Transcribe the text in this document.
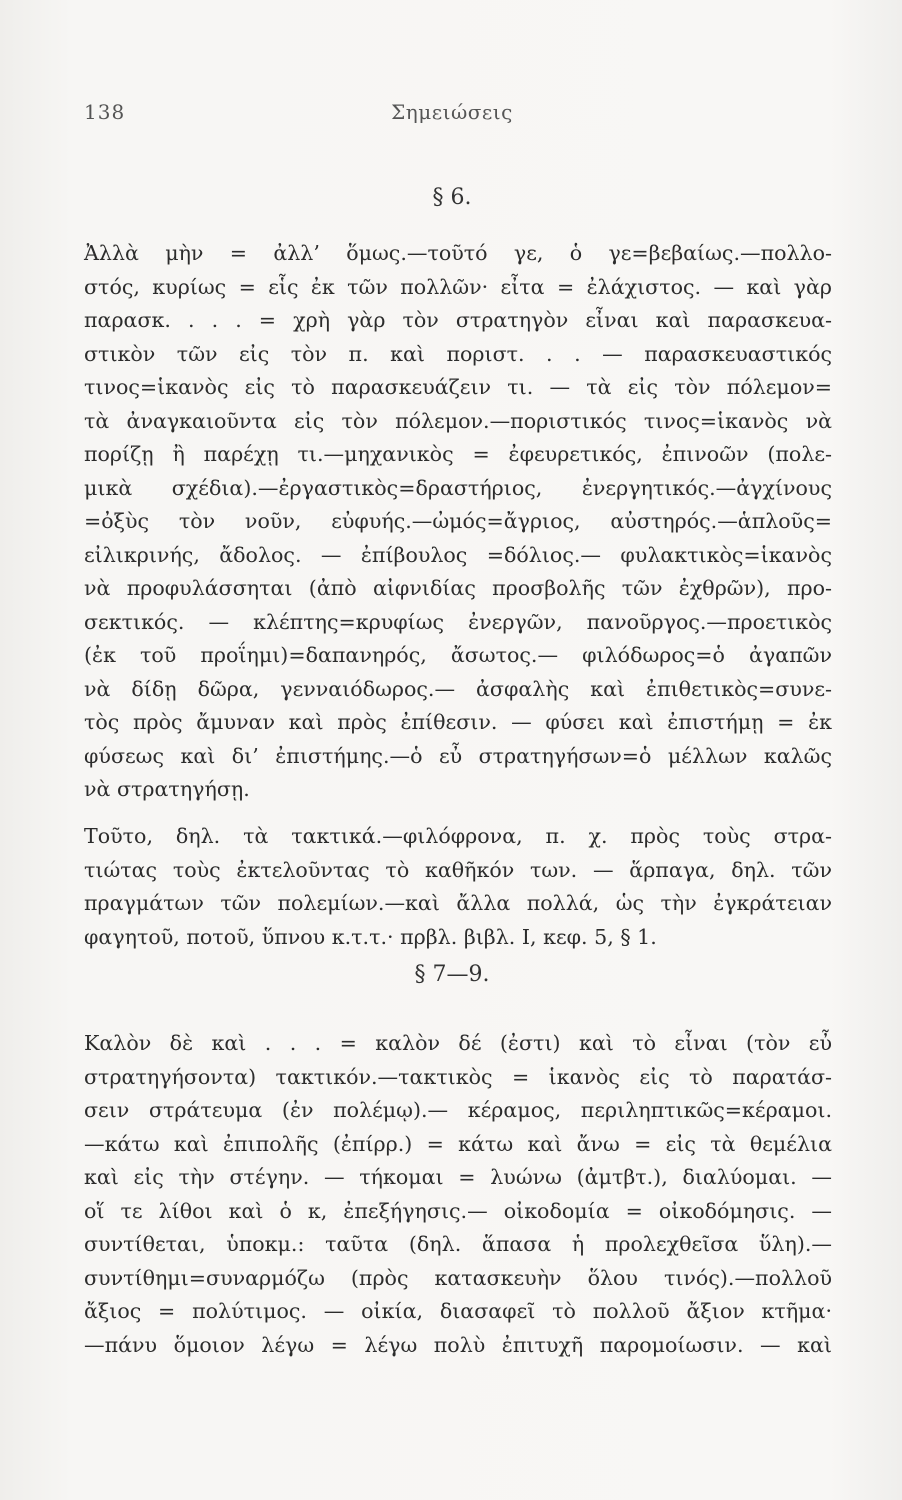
138	Σημειώσεις
§ 6.
Ἀλλὰ μὴν = ἀλλ’ ὅμως.—τοῦτό γε, ὁ γε=βεβαίως.—πολλο-
στός, κυρίως = εἷς ἐκ τῶν πολλῶν· εἶτα = ἐλάχιστος. — καὶ γὰρ
παρασκ. . . . = χρὴ γὰρ τὸν στρατηγὸν εἶναι καὶ παρασκευα-
στικὸν τῶν εἰς τὸν π. καὶ ποριστ. . . — παρασκευαστικός
τινος=ἱκανὸς εἰς τὸ παρασκευάζειν τι. — τὰ εἰς τὸν πόλεμον=
τὰ ἀναγκαιοῦντα εἰς τὸν πόλεμον.—ποριστικός τινος=ἱκανὸς νὰ
πορίζῃ ἢ παρέχῃ τι.—μηχανικὸς = ἐφευρετικός, ἐπινοῶν (πολε-
μικὰ σχέδια).—ἐργαστικὸς=δραστήριος, ἐνεργητικός.—ἀγχίνους
=ὀξὺς τὸν νοῦν, εὐφυής.—ὠμός=ἄγριος, αὐστηρός.—ἁπλοῦς=
εἰλικρινής, ἄδολος. — ἐπίβουλος =δόλιος.— φυλακτικὸς=ἱκανὸς
νὰ προφυλάσσηται (ἀπὸ αἰφνιδίας προσβολῆς τῶν ἐχθρῶν), προ-
σεκτικός. — κλέπτης=κρυφίως ἐνεργῶν, πανοῦργος.—προετικὸς
(ἐκ τοῦ προΐημι)=δαπανηρός, ἄσωτος.— φιλόδωρος=ὁ ἀγαπῶν
νὰ δίδῃ δῶρα, γενναιόδωρος.— ἀσφαλὴς καὶ ἐπιθετικὸς=συνε-
τὸς πρὸς ἄμυναν καὶ πρὸς ἐπίθεσιν. — φύσει καὶ ἐπιστήμῃ = ἐκ
φύσεως καὶ δι’ ἐπιστήμης.—ὁ εὖ στρατηγήσων=ὁ μέλλων καλῶς
νὰ στρατηγήσῃ.
Τοῦτο, δηλ. τὰ τακτικά.—φιλόφρονα, π. χ. πρὸς τοὺς στρα-
τιώτας τοὺς ἐκτελοῦντας τὸ καθῆκόν των. — ἅρπαγα, δηλ. τῶν
πραγμάτων τῶν πολεμίων.—καὶ ἄλλα πολλά, ὡς τὴν ἐγκράτειαν
φαγητοῦ, ποτοῦ, ὕπνου κ.τ.τ.· πρβλ. βιβλ. I, κεφ. 5, § 1.
§ 7—9.
Καλὸν δὲ καὶ . . . = καλὸν δέ (ἐστι) καὶ τὸ εἶναι (τὸν εὖ
στρατηγήσοντα) τακτικόν.—τακτικὸς = ἱκανὸς εἰς τὸ παρατάσ-
σειν στράτευμα (ἐν πολέμῳ).— κέραμος, περιληπτικῶς=κέραμοι.
—κάτω καὶ ἐπιπολῆς (ἐπίρρ.) = κάτω καὶ ἄνω = εἰς τὰ θεμέλια
καὶ εἰς τὴν στέγην. — τήκομαι = λυώνω (ἀμτβτ.), διαλύομαι. —
οἵ τε λίθοι καὶ ὁ κ, ἐπεξήγησις.— οἰκοδομία = οἰκοδόμησις. —
συντίθεται, ὑποκμ.: ταῦτα (δηλ. ἅπασα ἡ προλεχθεῖσα ὕλη).—
συντίθημι=συναρμόζω (πρὸς κατασκευὴν ὅλου τινός).—πολλοῦ
ἄξιος = πολύτιμος. — οἰκία, διασαφεῖ τὸ πολλοῦ ἄξιον κτῆμα·
—πάνυ ὅμοιον λέγω = λέγω πολὺ ἐπιτυχῆ παρομοίωσιν. — καὶ
